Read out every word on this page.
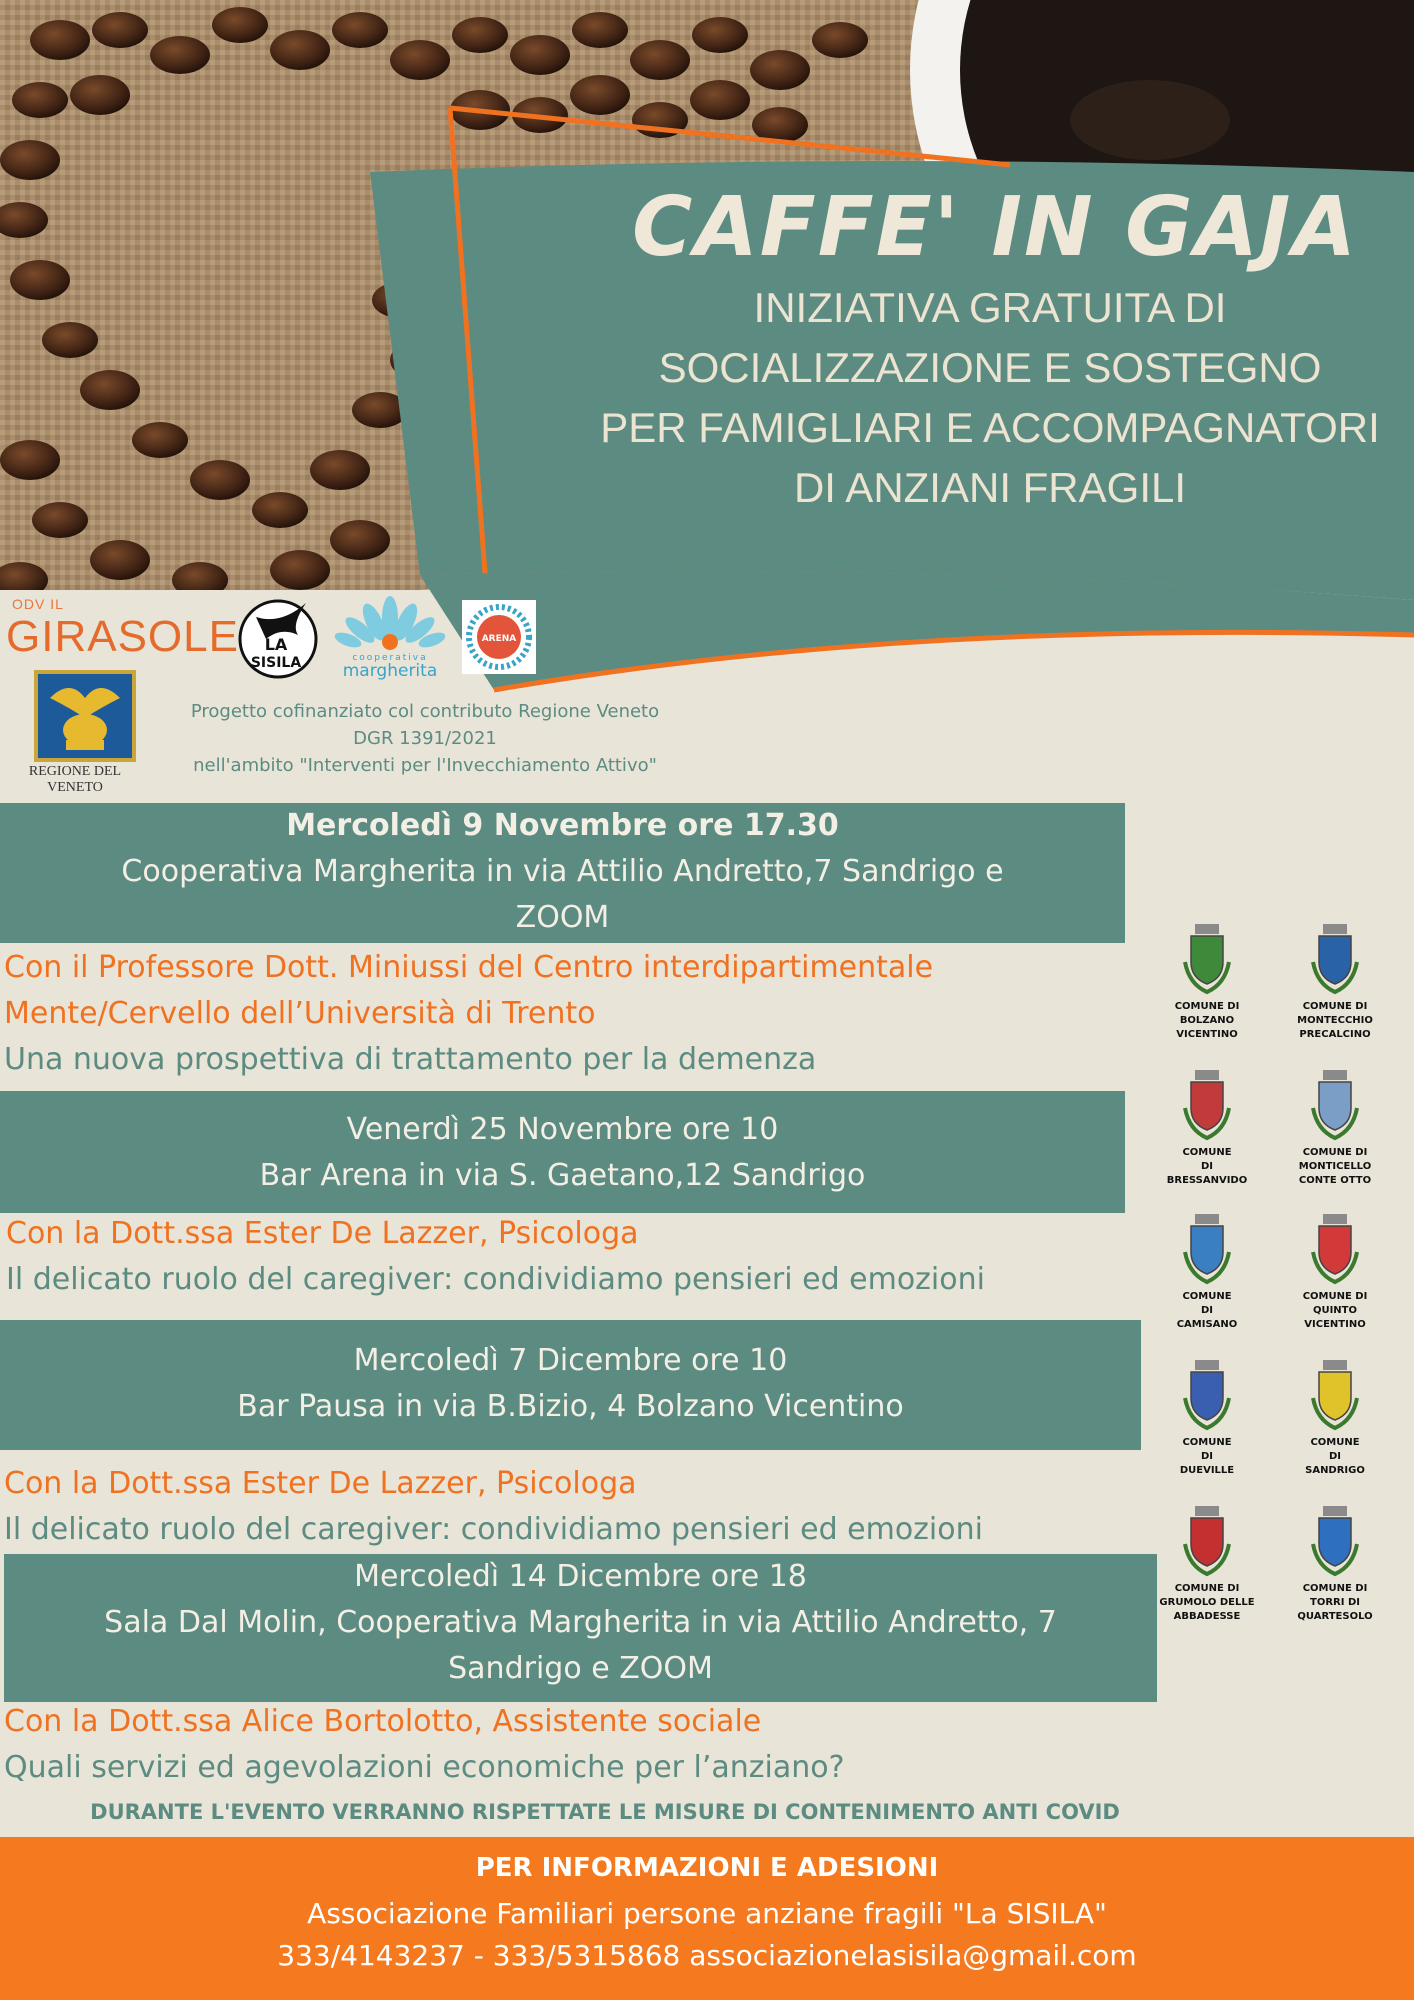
CAFFE' IN GAJA
INIZIATIVA GRATUITA DI
SOCIALIZZAZIONE E SOSTEGNO
PER FAMIGLIARI E ACCOMPAGNATORI
DI ANZIANI FRAGILI
ODV IL
GIRASOLE LA
SISILA	cooperativa
margherita
ARENA
REGIONE DEL VENETO
Progetto cofinanziato col contributo Regione Veneto
DGR 1391/2021
nell'ambito "Interventi per l'Invecchiamento Attivo"
Mercoledì 9 Novembre ore 17.30
Cooperativa Margherita in via Attilio Andretto,7 Sandrigo e
ZOOM
Con il Professore Dott. Miniussi del Centro interdipartimentale
Mente/Cervello dell’Università di Trento
Una nuova prospettiva di trattamento per la demenza
Venerdì 25 Novembre ore 10
Bar Arena in via S. Gaetano,12 Sandrigo
Con la Dott.ssa Ester De Lazzer, Psicologa
Il delicato ruolo del caregiver: condividiamo pensieri ed emozioni
Mercoledì 7 Dicembre ore 10
Bar Pausa in via B.Bizio, 4 Bolzano Vicentino
Con la Dott.ssa Ester De Lazzer, Psicologa
Il delicato ruolo del caregiver: condividiamo pensieri ed emozioni
Mercoledì 14 Dicembre ore 18
Sala Dal Molin, Cooperativa Margherita in via Attilio Andretto, 7
Sandrigo e ZOOM
Con la Dott.ssa Alice Bortolotto, Assistente sociale
Quali servizi ed agevolazioni economiche per l’anziano?
COMUNE DI
BOLZANO
VICENTINO
COMUNE DI
MONTECCHIO
PRECALCINO
COMUNE
DI
BRESSANVIDO
COMUNE DI
MONTICELLO
CONTE OTTO
COMUNE
DI
CAMISANO
COMUNE DI
QUINTO
VICENTINO
COMUNE
DI
DUEVILLE
COMUNE
DI
SANDRIGO
COMUNE DI
GRUMOLO DELLE
ABBADESSE
COMUNE DI
TORRI DI
QUARTESOLO
DURANTE L'EVENTO VERRANNO RISPETTATE LE MISURE DI CONTENIMENTO ANTI COVID
PER INFORMAZIONI E ADESIONI
Associazione Familiari persone anziane fragili "La SISILA"
333/4143237 - 333/5315868 associazionelasisila@gmail.com
